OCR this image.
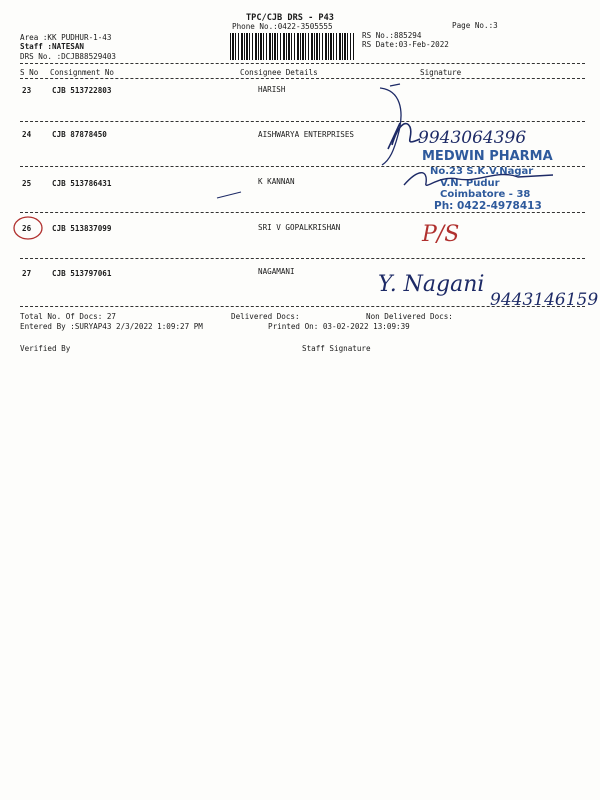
TPC/CJB DRS - P43
Phone No.:0422-3505555	Page No.:3
Area :KK PUDHUR-1-43
Staff :NATESAN
DRS No. :DCJB88529403
RS No.:885294
RS Date:03-Feb-2022
S No Consignment No	Consignee Details	Signature
23	CJB 513722803	HARISH
24	CJB 87878450	AISHWARYA ENTERPRISES
25	CJB 513786431	K KANNAN
26	CJB 513837099	SRI V GOPALKRISHAN
27	CJB 513797061	NAGAMANI
Total No. Of Docs: 27	Delivered Docs:	Non Delivered Docs:
Entered By :SURYAP43 2/3/2022 1:09:27 PM	Printed On: 03-02-2022 13:09:39
Verified By	Staff Signature
9943064396
MEDWIN PHARMA
No.23 S.K.V.Nagar
V.N. Pudur
Coimbatore - 38
Ph: 0422-4978413
P/S
Y. Nagani
9443146159
